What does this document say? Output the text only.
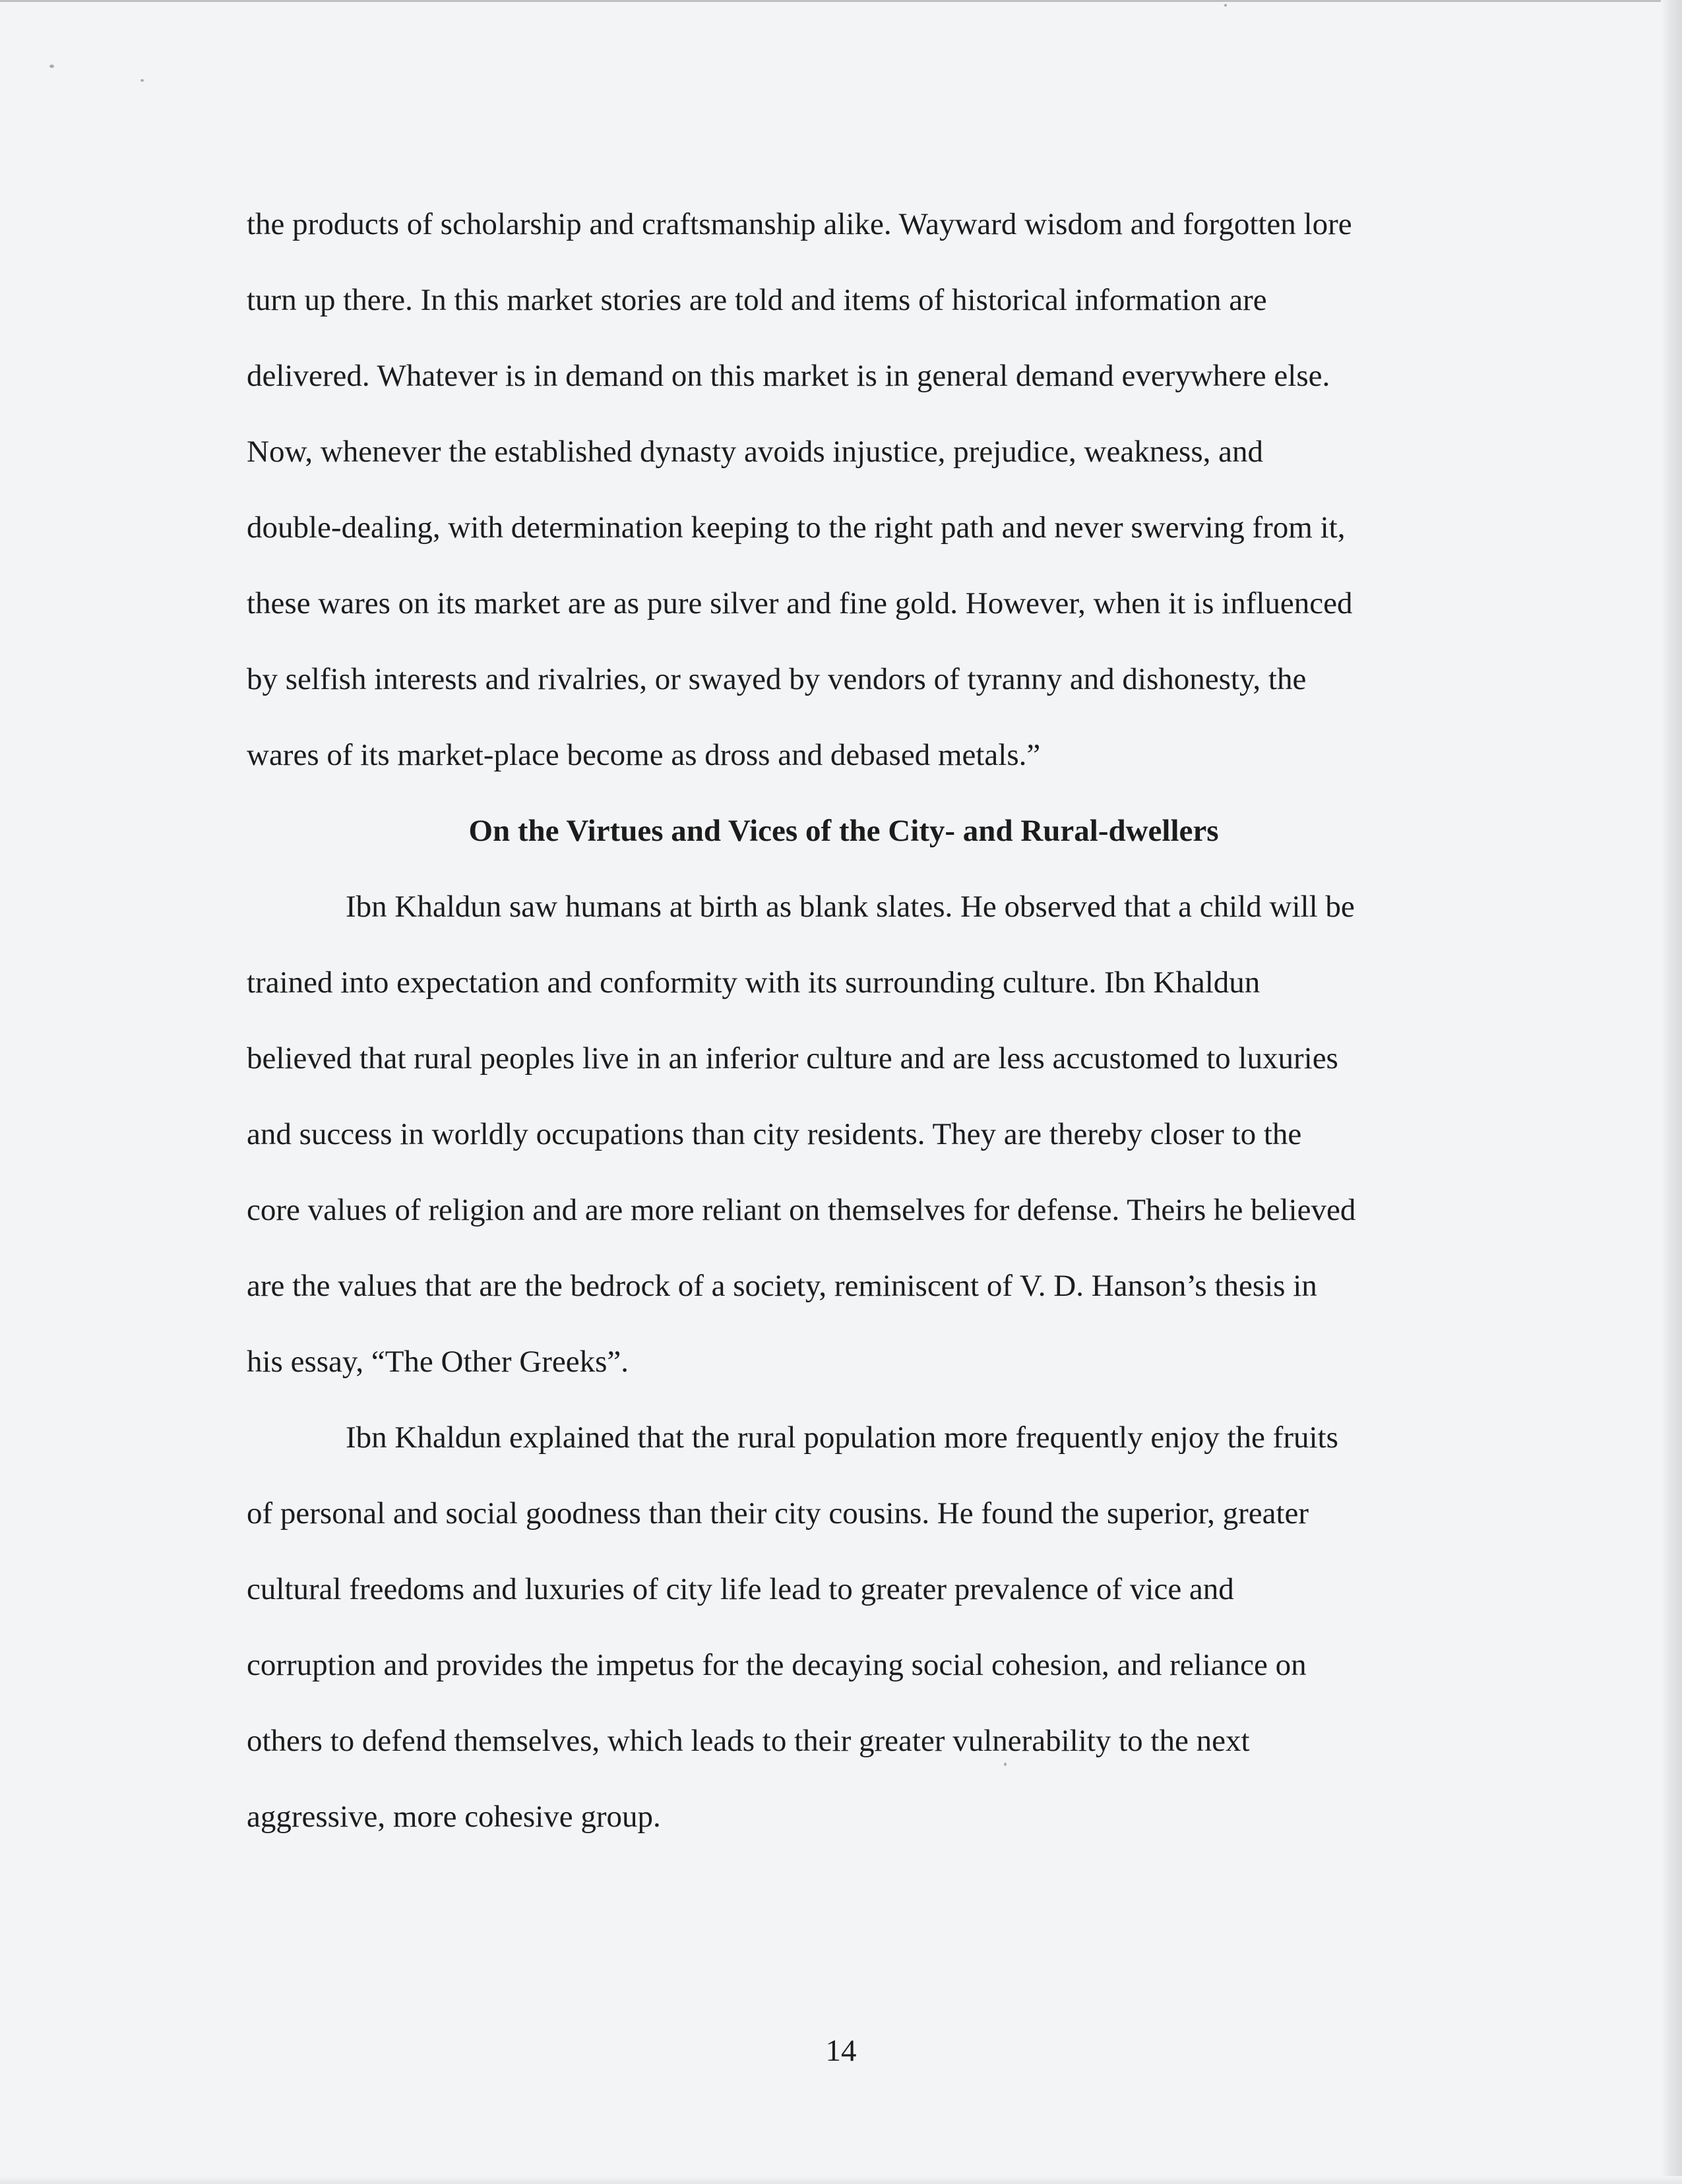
the products of scholarship and craftsmanship alike. Wayward wisdom and forgotten lore

turn up there. In this market stories are told and items of historical information are

delivered. Whatever is in demand on this market is in general demand everywhere else.

Now, whenever the established dynasty avoids injustice, prejudice, weakness, and

double-dealing, with determination keeping to the right path and never swerving from it,

these wares on its market are as pure silver and fine gold. However, when it is influenced

by selfish interests and rivalries, or swayed by vendors of tyranny and dishonesty, the

wares of its market-place become as dross and debased metals.”

On the Virtues and Vices of the City- and Rural-dwellers

Ibn Khaldun saw humans at birth as blank slates. He observed that a child will be

trained into expectation and conformity with its surrounding culture. Ibn Khaldun

believed that rural peoples live in an inferior culture and are less accustomed to luxuries

and success in worldly occupations than city residents. They are thereby closer to the

core values of religion and are more reliant on themselves for defense. Theirs he believed

are the values that are the bedrock of a society, reminiscent of V. D. Hanson’s thesis in

his essay, “The Other Greeks”.

Ibn Khaldun explained that the rural population more frequently enjoy the fruits

of personal and social goodness than their city cousins. He found the superior, greater

cultural freedoms and luxuries of city life lead to greater prevalence of vice and

corruption and provides the impetus for the decaying social cohesion, and reliance on

others to defend themselves, which leads to their greater vulnerability to the next

aggressive, more cohesive group.

14
